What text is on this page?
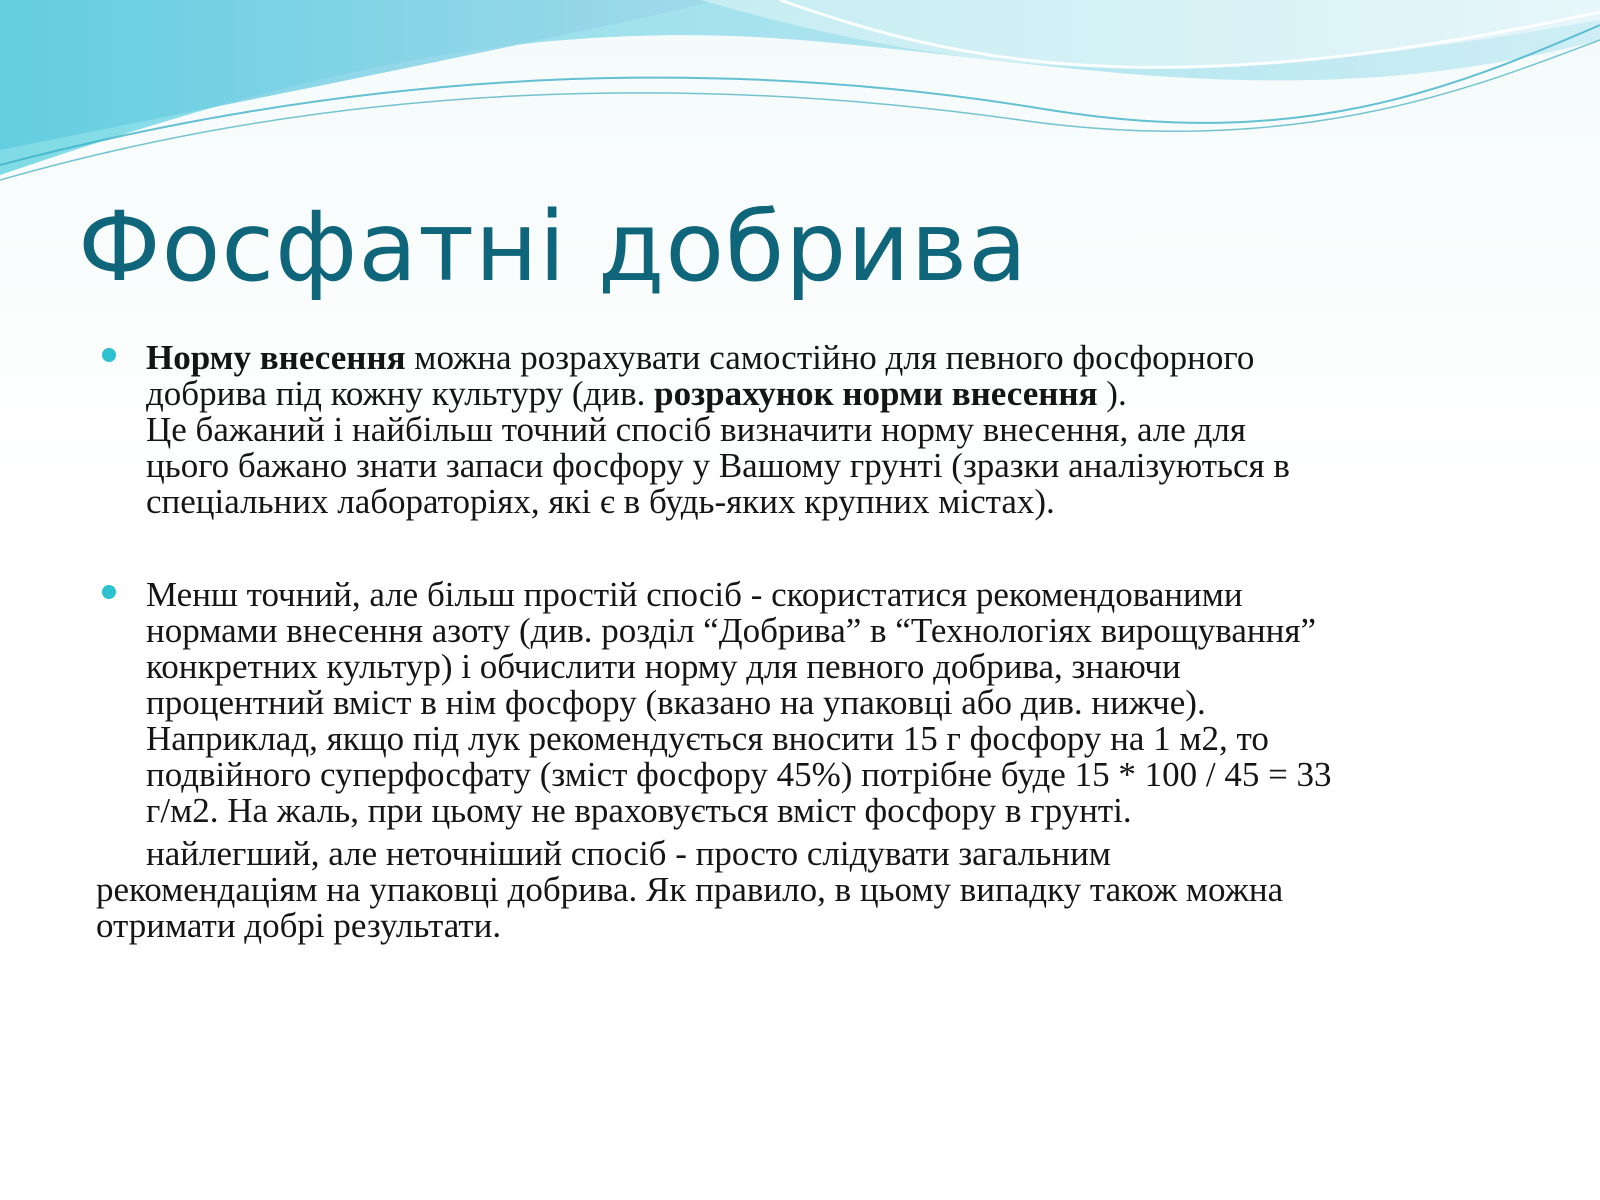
Фосфатні добрива
Норму внесення можна розрахувати самостійно для певного фосфорного
добрива під кожну культуру (див. розрахунок норми внесення ).
Це бажаний і найбільш точний спосіб визначити норму внесення, але для
цього бажано знати запаси фосфору у Вашому грунті (зразки аналізуються в
спеціальних лабораторіях, які є в будь-яких крупних містах).
Менш точний, але більш простій спосіб - скористатися рекомендованими
нормами внесення азоту (див. розділ “Добрива” в “Технологіях вирощування”
конкретних культур) і обчислити норму для певного добрива, знаючи
процентний вміст в нім фосфору (вказано на упаковці або див. нижче).
Наприклад, якщо під лук рекомендується вносити 15 г фосфору на 1 м2, то
подвійного суперфосфату (зміст фосфору 45%) потрібне буде 15 * 100 / 45 = 33
г/м2. На жаль, при цьому не враховується вміст фосфору в грунті.
найлегший, але неточніший спосіб - просто слідувати загальним
рекомендаціям на упаковці добрива. Як правило, в цьому випадку також можна
отримати добрі результати.
